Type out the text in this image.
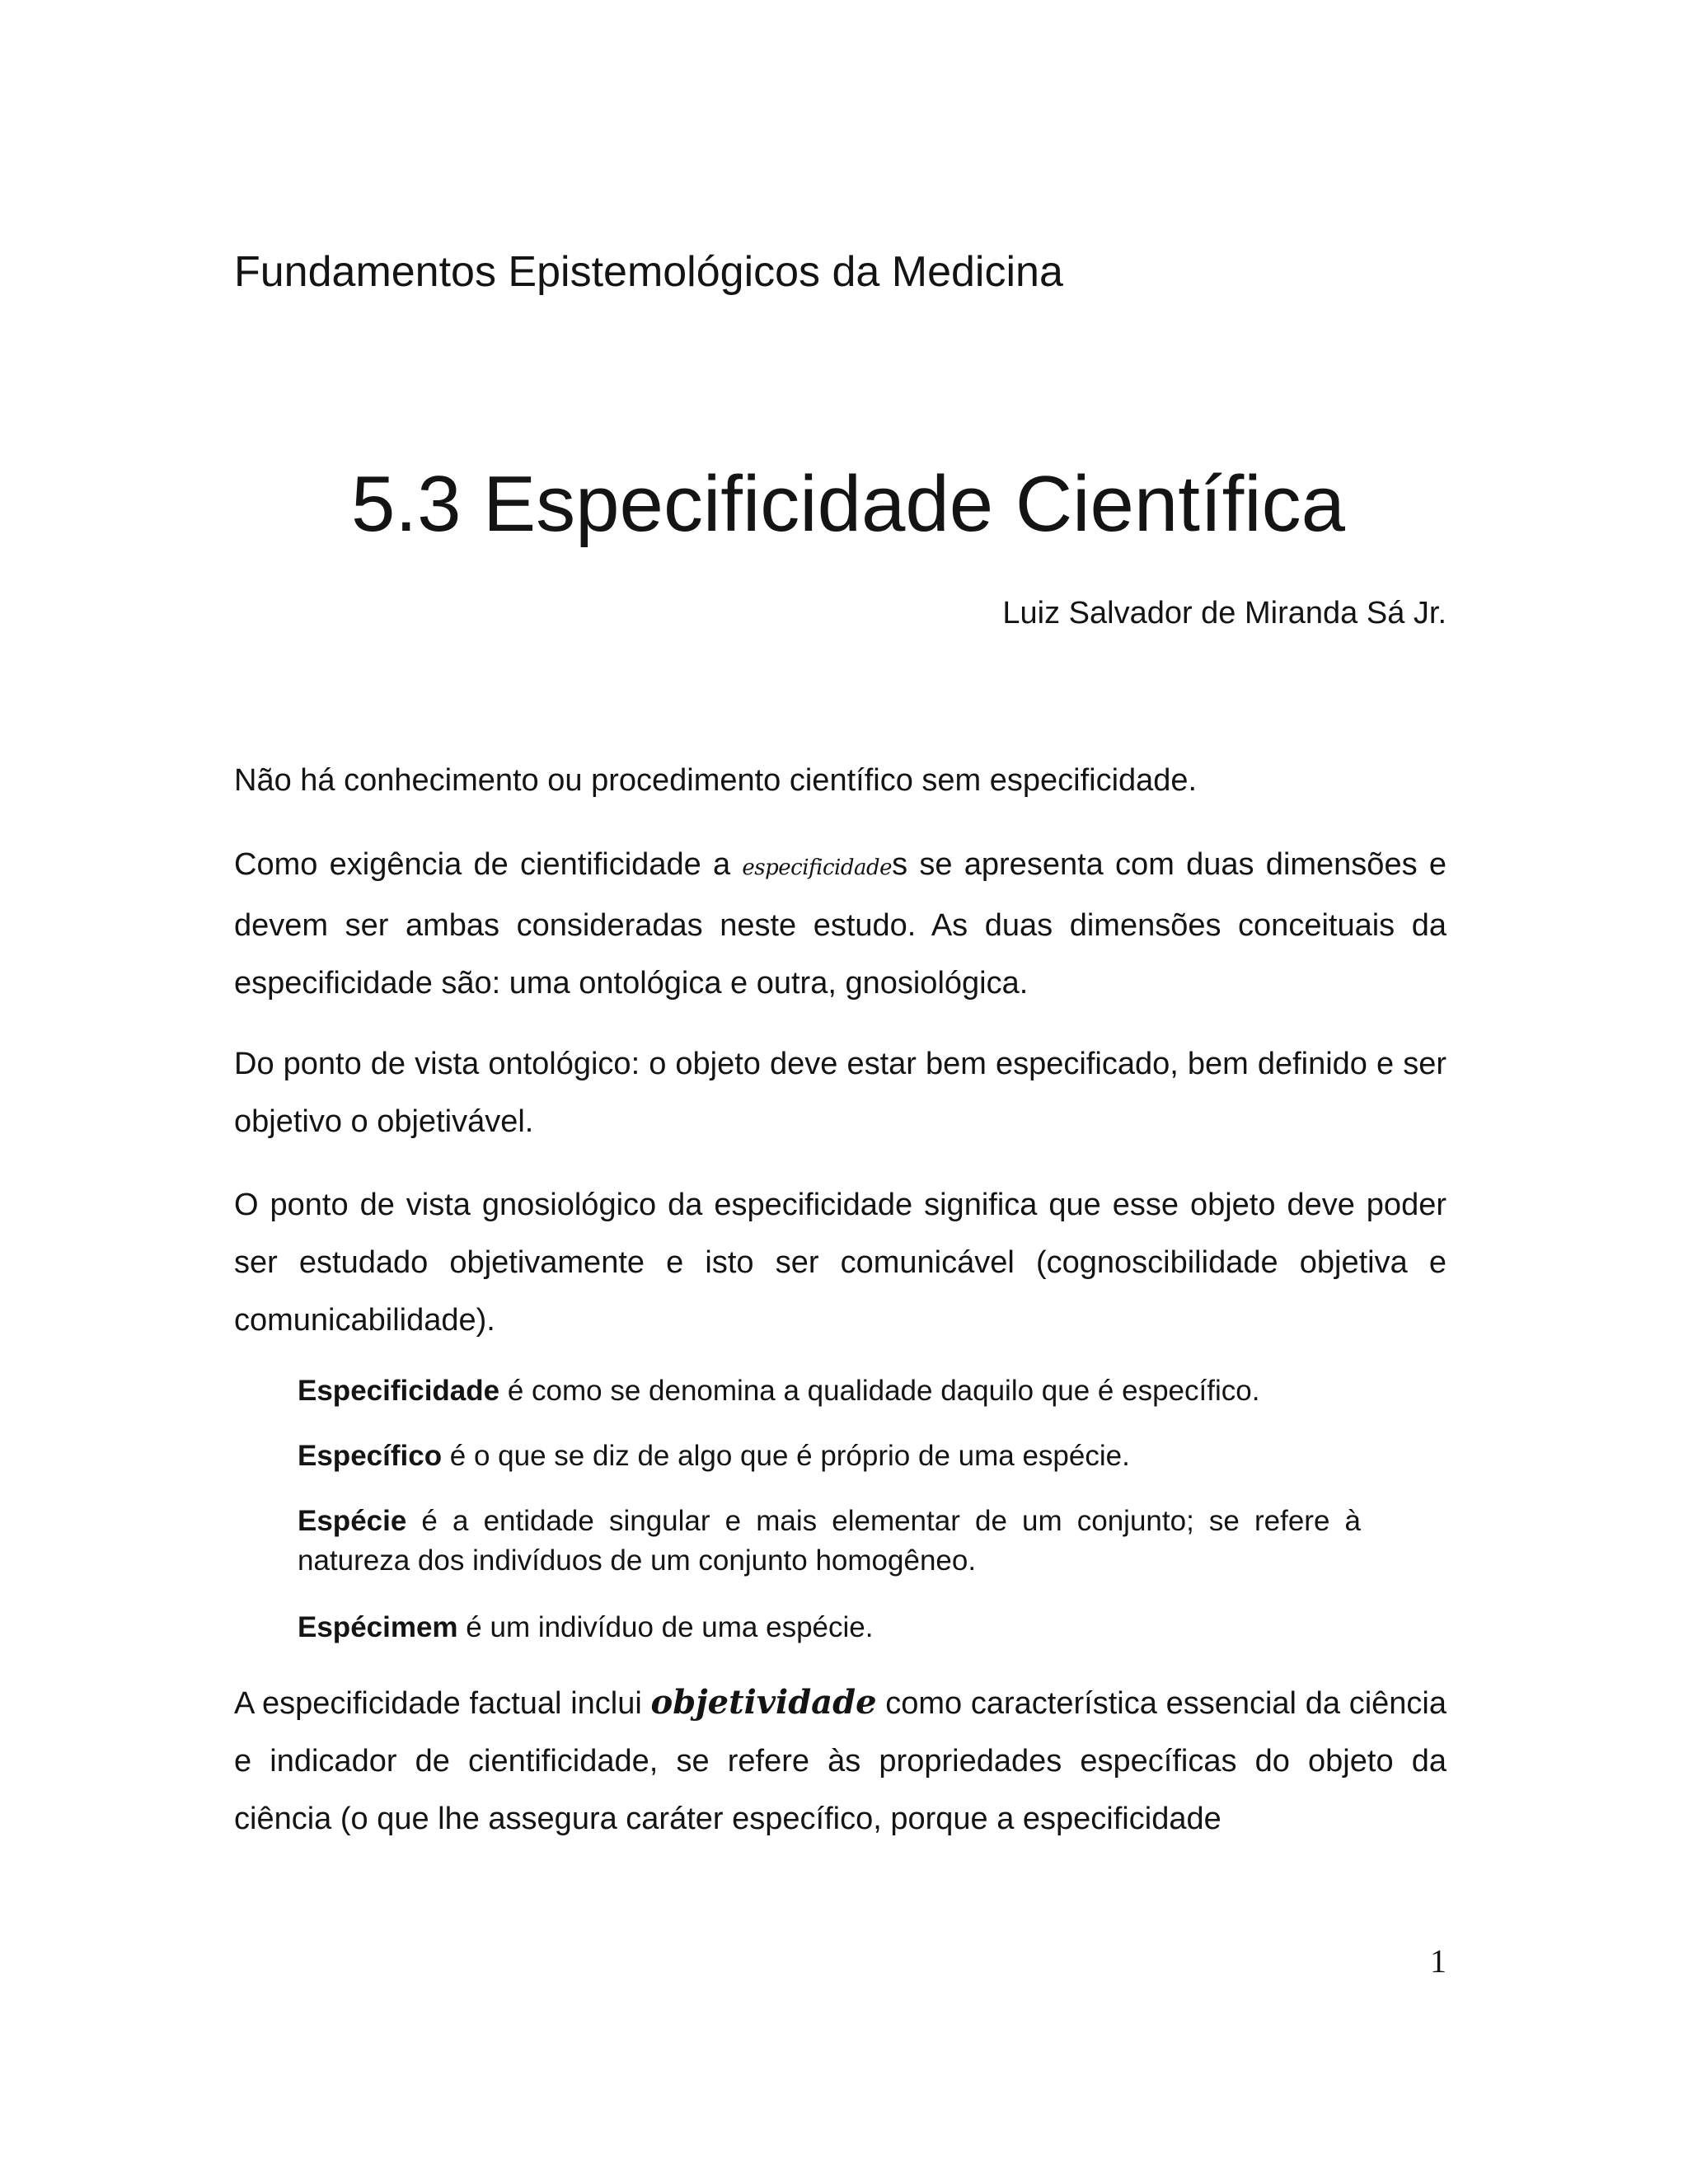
Fundamentos Epistemológicos da Medicina
5.3 Especificidade Científica
Luiz Salvador de Miranda Sá Jr.

Não há conhecimento ou procedimento científico sem especificidade.

Como exigência de cientificidade a especificidades se apresenta com duas dimensões e devem ser ambas consideradas neste estudo. As duas dimensões conceituais da especificidade são: uma ontológica e outra, gnosiológica.

Do ponto de vista ontológico: o objeto deve estar bem especificado, bem definido e ser objetivo o objetivável.

O ponto de vista gnosiológico da especificidade significa que esse objeto deve poder ser estudado objetivamente e isto ser comunicável (cognoscibilidade objetiva e comunicabilidade).

Especificidade é como se denomina a qualidade daquilo que é específico.

Específico é o que se diz de algo que é próprio de uma espécie.

Espécie é a entidade singular e mais elementar de um conjunto; se refere à natureza dos indivíduos de um conjunto homogêneo.

Espécimem é um indivíduo de uma espécie.

A especificidade factual inclui objetividade como característica essencial da ciência e indicador de cientificidade, se refere às propriedades específicas do objeto da ciência (o que lhe assegura caráter específico, porque a especificidade

1
